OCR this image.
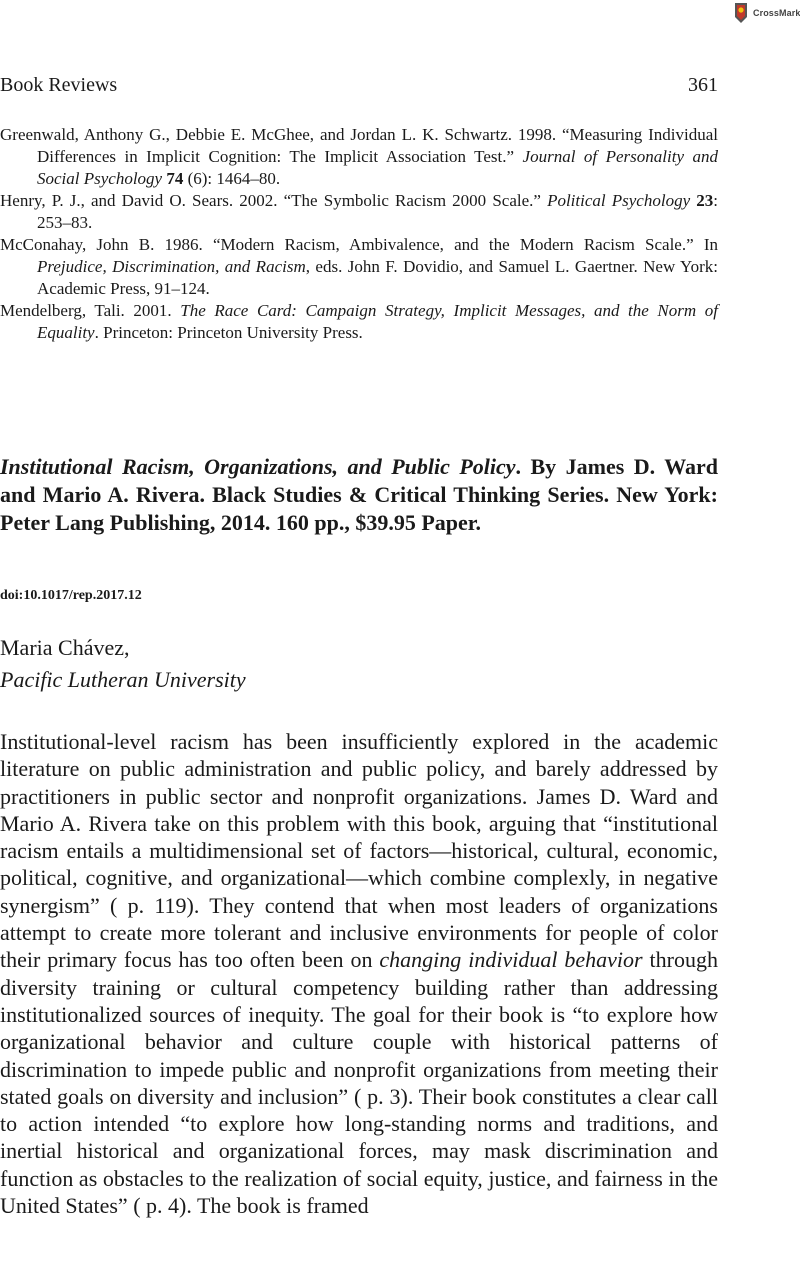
CrossMark
Book Reviews	361

Greenwald, Anthony G., Debbie E. McGhee, and Jordan L. K. Schwartz. 1998. “Measuring Individual Differences in Implicit Cognition: The Implicit Association Test.” Journal of Personality and Social Psychology 74 (6): 1464–80.

Henry, P. J., and David O. Sears. 2002. “The Symbolic Racism 2000 Scale.” Political Psychology 23: 253–83.

McConahay, John B. 1986. “Modern Racism, Ambivalence, and the Modern Racism Scale.” In Prejudice, Discrimination, and Racism, eds. John F. Dovidio, and Samuel L. Gaertner. New York: Academic Press, 91–124.

Mendelberg, Tali. 2001. The Race Card: Campaign Strategy, Implicit Messages, and the Norm of Equality. Princeton: Princeton University Press.

Institutional Racism, Organizations, and Public Policy. By James D. Ward and Mario A. Rivera. Black Studies & Critical Thinking Series. New York: Peter Lang Publishing, 2014. 160 pp., $39.95 Paper.
doi:10.1017/rep.2017.12
Maria Chávez,
Pacific Lutheran University

Institutional-level racism has been insufficiently explored in the academic literature on public administration and public policy, and barely addressed by practitioners in public sector and nonprofit organizations. James D. Ward and Mario A. Rivera take on this problem with this book, arguing that “institutional racism entails a multidimensional set of factors—historical, cultural, economic, political, cognitive, and organizational—which combine complexly, in negative synergism” ( p. 119). They contend that when most leaders of organizations attempt to create more tolerant and inclusive environments for people of color their primary focus has too often been on changing individual behavior through diversity training or cultural competency building rather than addressing institutionalized sources of inequity. The goal for their book is “to explore how organizational behavior and culture couple with historical patterns of discrimination to impede public and nonprofit organizations from meeting their stated goals on diversity and inclusion” ( p. 3). Their book constitutes a clear call to action intended “to explore how long-standing norms and traditions, and inertial historical and organizational forces, may mask discrimination and function as obstacles to the realization of social equity, justice, and fairness in the United States” ( p. 4). The book is framed
